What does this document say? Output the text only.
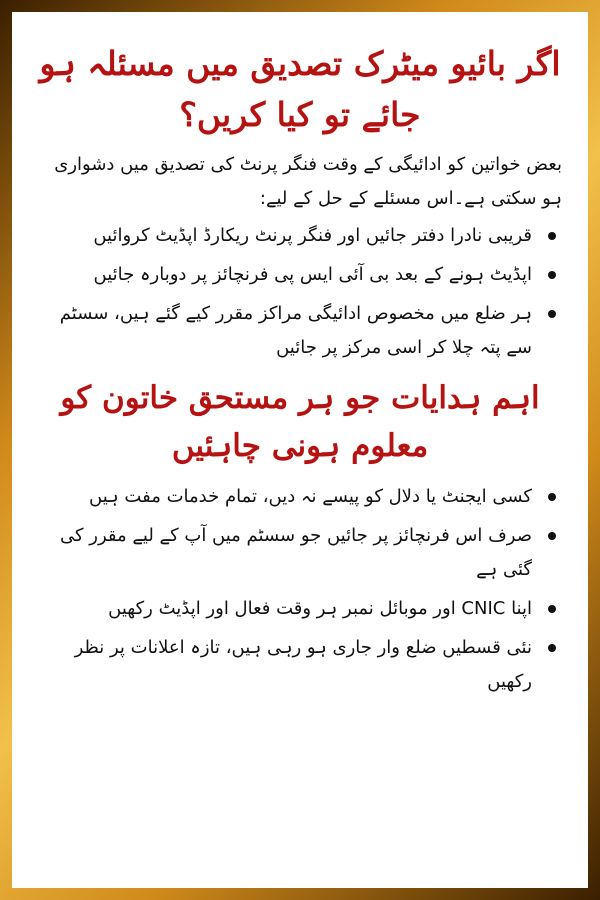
اگر بائیو میٹرک تصدیق میں مسئلہ ہو جائے تو کیا کریں؟

بعض خواتین کو ادائیگی کے وقت فنگر پرنٹ کی تصدیق میں دشواری ہو سکتی ہے۔اس مسئلے کے حل کے لیے:

قریبی نادرا دفتر جائیں اور فنگر پرنٹ ریکارڈ اپڈیٹ کروائیں
اپڈیٹ ہونے کے بعد بی آئی ایس پی فرنچائز پر دوبارہ جائیں
ہر ضلع میں مخصوص ادائیگی مراکز مقرر کیے گئے ہیں، سسٹم سے پتہ چلا کر اسی مرکز پر جائیں
اہم ہدایات جو ہر مستحق خاتون کو معلوم ہونی چاہئیں
کسی ایجنٹ یا دلال کو پیسے نہ دیں، تمام خدمات مفت ہیں
صرف اس فرنچائز پر جائیں جو سسٹم میں آپ کے لیے مقرر کی گئی ہے
اپنا CNIC اور موبائل نمبر ہر وقت فعال اور اپڈیٹ رکھیں
نئی قسطیں ضلع وار جاری ہو رہی ہیں، تازہ اعلانات پر نظر رکھیں
